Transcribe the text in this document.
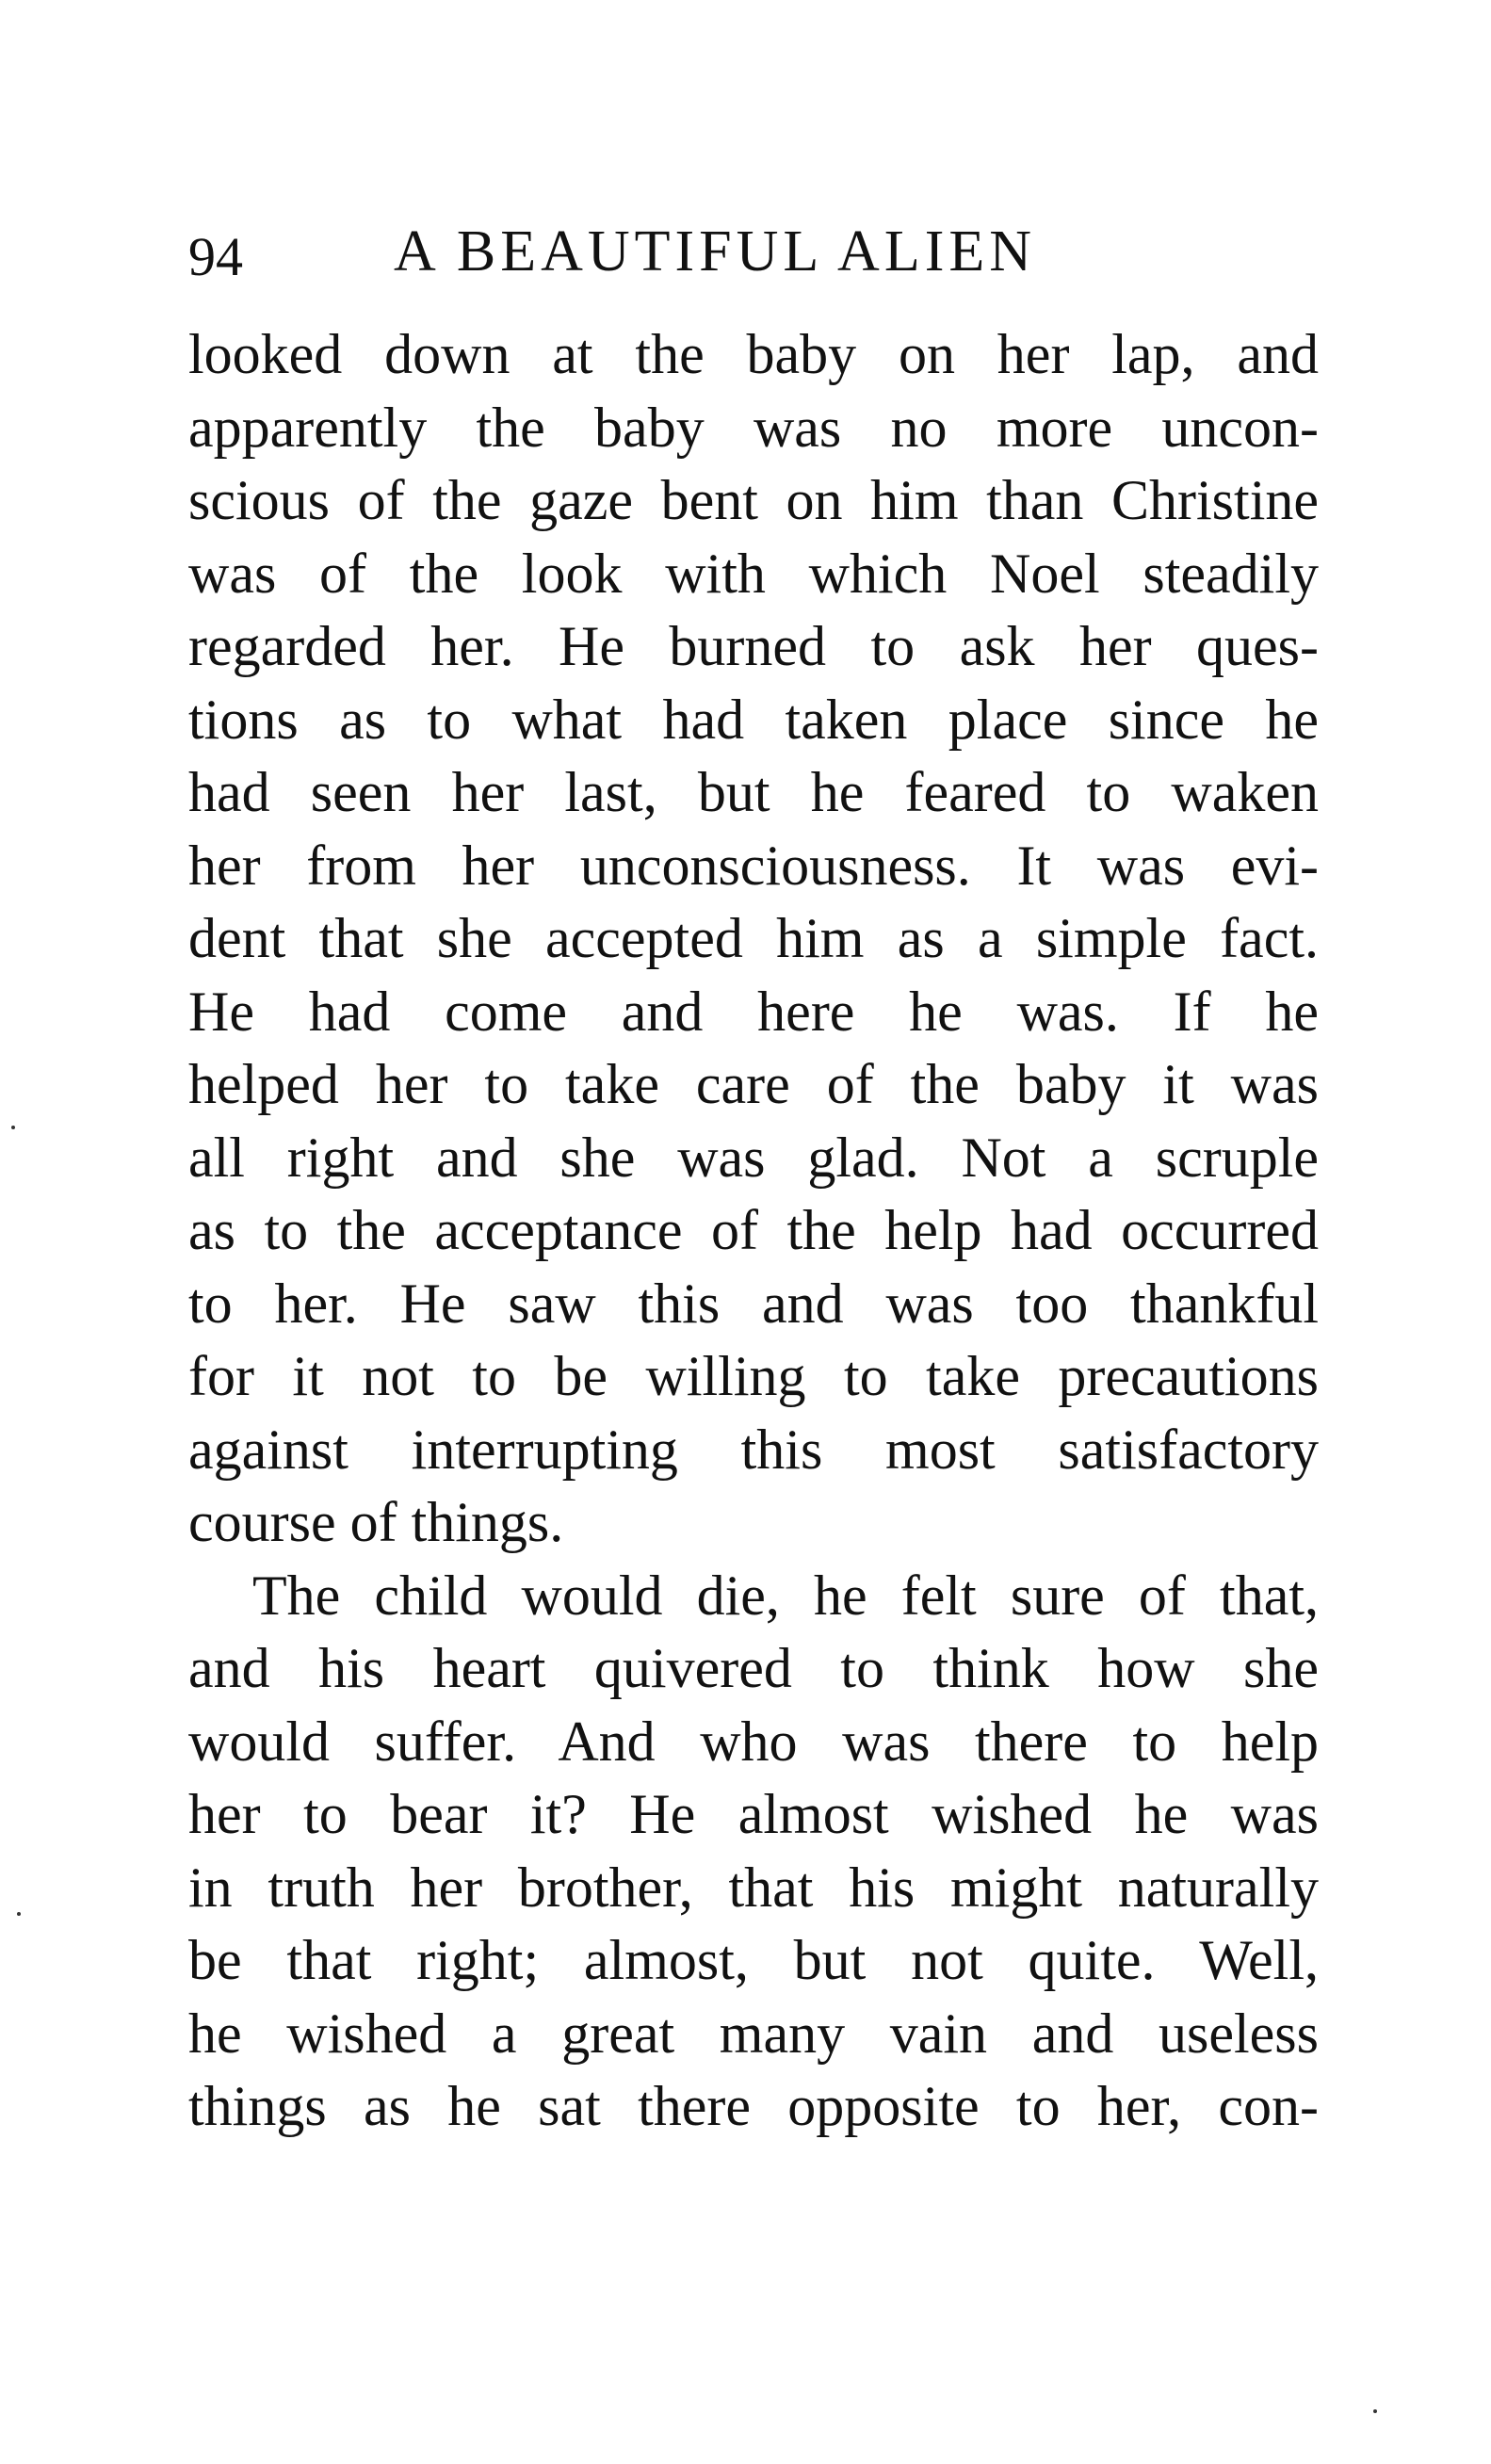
94	A BEAUTIFUL ALIEN
looked down at the baby on her lap, and
apparently the baby was no more uncon-
scious of the gaze bent on him than Christine
was of the look with which Noel steadily
regarded her. He burned to ask her ques-
tions as to what had taken place since he
had seen her last, but he feared to waken
her from her unconsciousness. It was evi-
dent that she accepted him as a simple fact.
He had come and here he was. If he
helped her to take care of the baby it was
all right and she was glad. Not a scruple
as to the acceptance of the help had occurred
to her. He saw this and was too thankful
for it not to be willing to take precautions
against interrupting this most satisfactory
course of things.
The child would die, he felt sure of that,
and his heart quivered to think how she
would suffer. And who was there to help
her to bear it? He almost wished he was
in truth her brother, that his might naturally
be that right; almost, but not quite. Well,
he wished a great many vain and useless
things as he sat there opposite to her, con-
